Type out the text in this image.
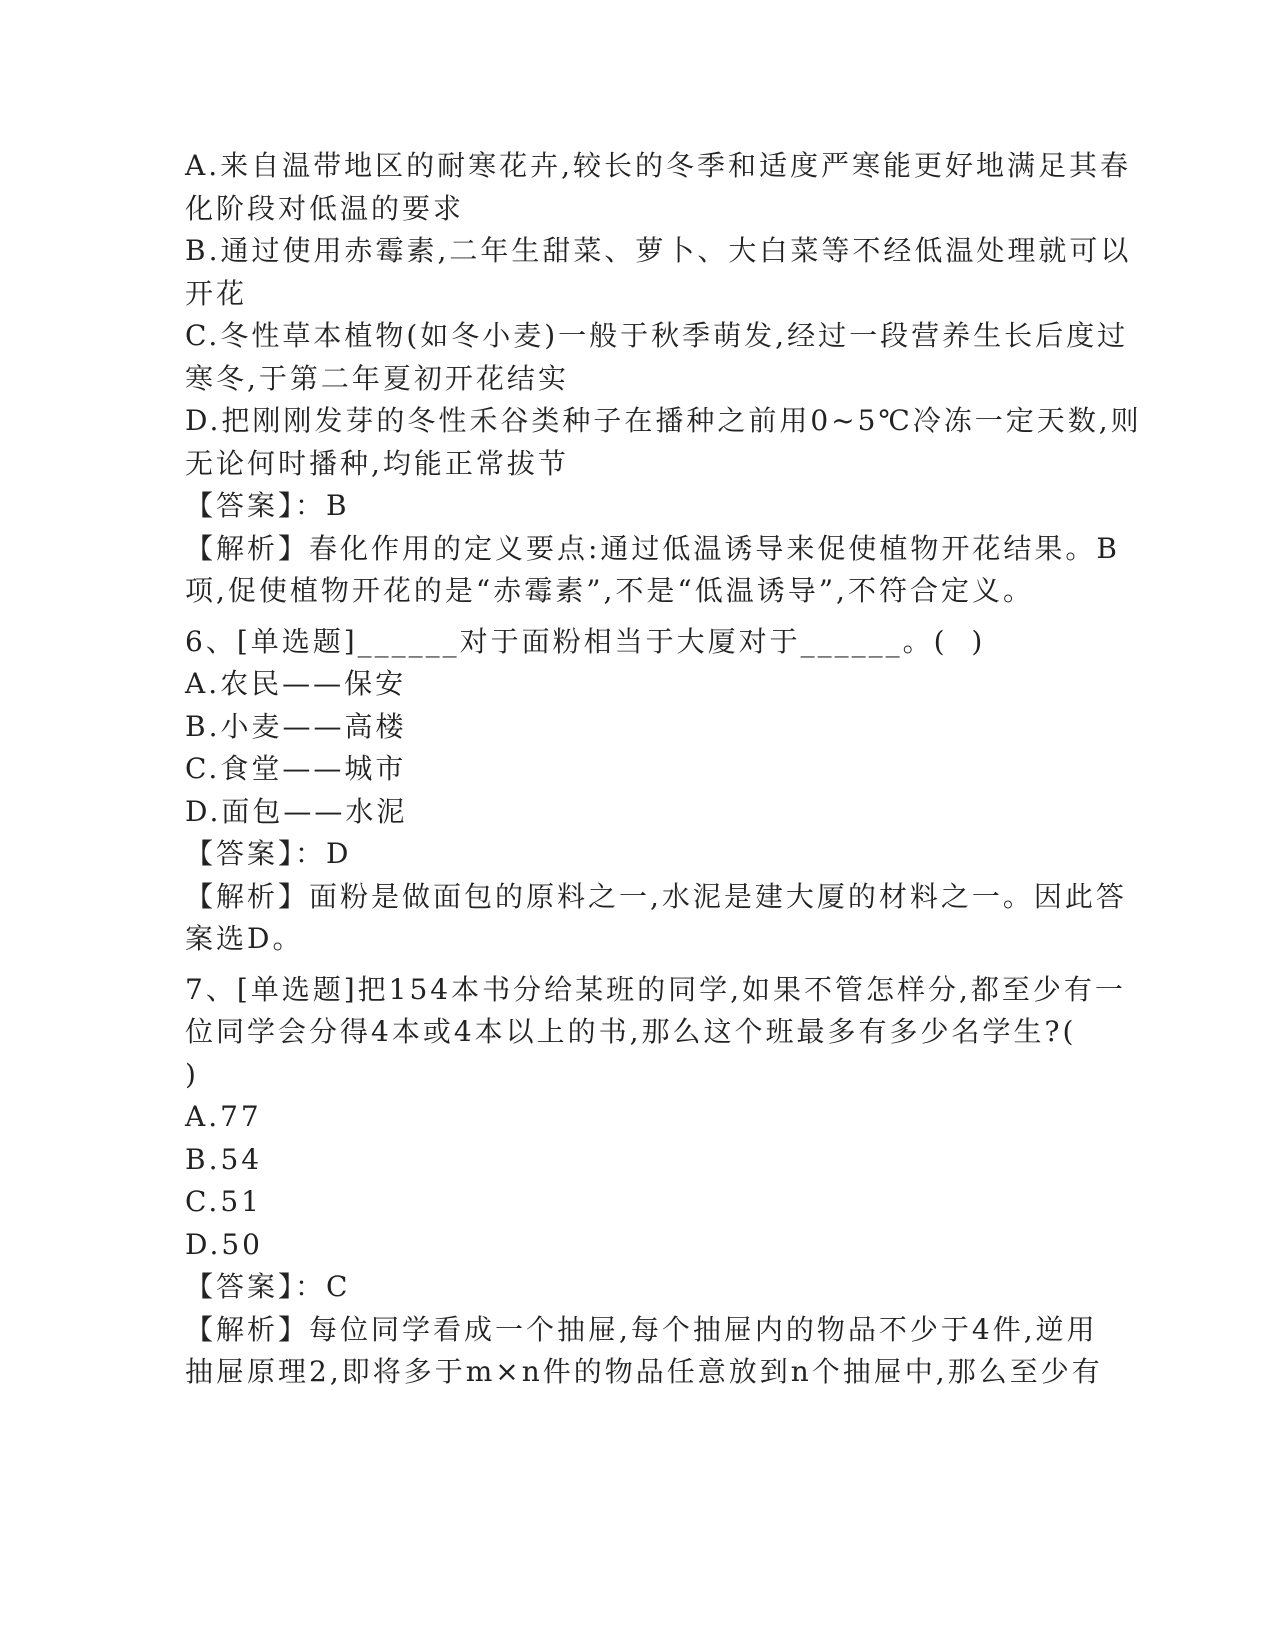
A.来自温带地区的耐寒花卉,较长的冬季和适度严寒能更好地满足其春
化阶段对低温的要求
B.通过使用赤霉素,二年生甜菜、萝卜、大白菜等不经低温处理就可以
开花
C.冬性草本植物(如冬小麦)一般于秋季萌发,经过一段营养生长后度过
寒冬,于第二年夏初开花结实
D.把刚刚发芽的冬性禾谷类种子在播种之前用0~5℃冷冻一定天数,则
无论何时播种,均能正常拔节
【答案】：B
【解析】春化作用的定义要点:通过低温诱导来促使植物开花结果。B
项,促使植物开花的是“赤霉素”,不是“低温诱导”,不符合定义。
6、[单选题]______对于面粉相当于大厦对于______。(  )
A.农民——保安
B.小麦——高楼
C.食堂——城市
D.面包——水泥
【答案】：D
【解析】面粉是做面包的原料之一,水泥是建大厦的材料之一。因此答
案选D。
7、[单选题]把154本书分给某班的同学,如果不管怎样分,都至少有一
位同学会分得4本或4本以上的书,那么这个班最多有多少名学生?(
)
A.77
B.54
C.51
D.50
【答案】：C
【解析】每位同学看成一个抽屉,每个抽屉内的物品不少于4件,逆用
抽屉原理2,即将多于m×n件的物品任意放到n个抽屉中,那么至少有
